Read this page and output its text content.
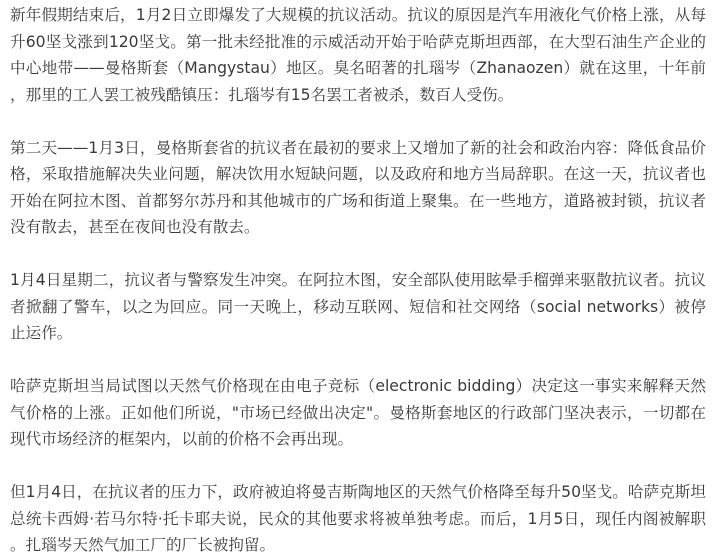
新年假期结束后，1月2日立即爆发了大规模的抗议活动。抗议的原因是汽车用液化气价格上涨，从每升60坚戈涨到120坚戈。第一批未经批准的示威活动开始于哈萨克斯坦西部，在大型石油生产企业的中心地带——曼格斯套（Mangystau）地区。臭名昭著的扎瑙岑（Zhanaozen）就在这里，十年前，那里的工人罢工被残酷镇压：扎瑙岑有15名罢工者被杀，数百人受伤。

第二天——1月3日，曼格斯套省的抗议者在最初的要求上又增加了新的社会和政治内容：降低食品价格，采取措施解决失业问题，解决饮用水短缺问题，以及政府和地方当局辞职。在这一天，抗议者也开始在阿拉木图、首都努尔苏丹和其他城市的广场和街道上聚集。在一些地方，道路被封锁，抗议者没有散去，甚至在夜间也没有散去。

1月4日星期二，抗议者与警察发生冲突。在阿拉木图，安全部队使用眩晕手榴弹来驱散抗议者。抗议者掀翻了警车，以之为回应。同一天晚上，移动互联网、短信和社交网络（social networks）被停止运作。

哈萨克斯坦当局试图以天然气价格现在由电子竞标（electronic bidding）决定这一事实来解释天然气价格的上涨。正如他们所说，"市场已经做出决定"。曼格斯套地区的行政部门坚决表示，一切都在现代市场经济的框架内，以前的价格不会再出现。

但1月4日，在抗议者的压力下，政府被迫将曼吉斯陶地区的天然气价格降至每升50坚戈。哈萨克斯坦总统卡西姆·若马尔特·托卡耶夫说，民众的其他要求将被单独考虑。而后，1月5日，现任内阁被解职。扎瑙岑天然气加工厂的厂长被拘留。
